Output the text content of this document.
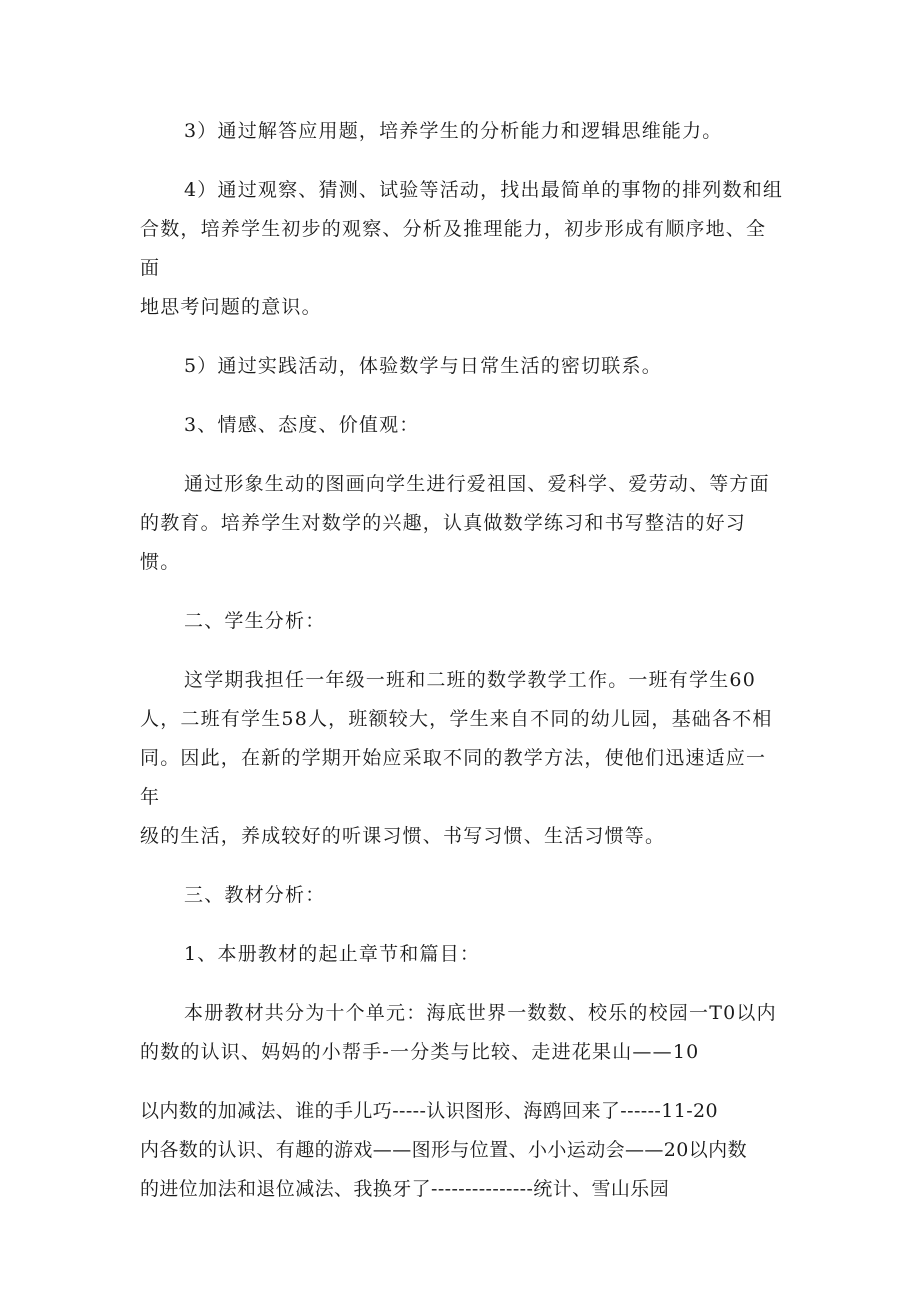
3）通过解答应用题，培养学生的分析能力和逻辑思维能力。

4）通过观察、猜测、试验等活动，找出最简单的事物的排列数和组
合数，培养学生初步的观察、分析及推理能力，初步形成有顺序地、全面
地思考问题的意识。

5）通过实践活动，体验数学与日常生活的密切联系。

3、情感、态度、价值观：

通过形象生动的图画向学生进行爱祖国、爱科学、爱劳动、等方面
的教育。培养学生对数学的兴趣，认真做数学练习和书写整洁的好习惯。

二、学生分析：

这学期我担任一年级一班和二班的数学教学工作。一班有学生60
人，二班有学生58人，班额较大，学生来自不同的幼儿园，基础各不相
同。因此，在新的学期开始应采取不同的教学方法，使他们迅速适应一年
级的生活，养成较好的听课习惯、书写习惯、生活习惯等。

三、教材分析：

1、本册教材的起止章节和篇目：

本册教材共分为十个单元：海底世界一数数、校乐的校园一T0以内
的数的认识、妈妈的小帮手-一分类与比较、走进花果山——10

以内数的加减法、谁的手儿巧-----认识图形、海鸥回来了------11-20
内各数的认识、有趣的游戏——图形与位置、小小运动会——20以内数
的进位加法和退位减法、我换牙了---------------统计、雪山乐园
